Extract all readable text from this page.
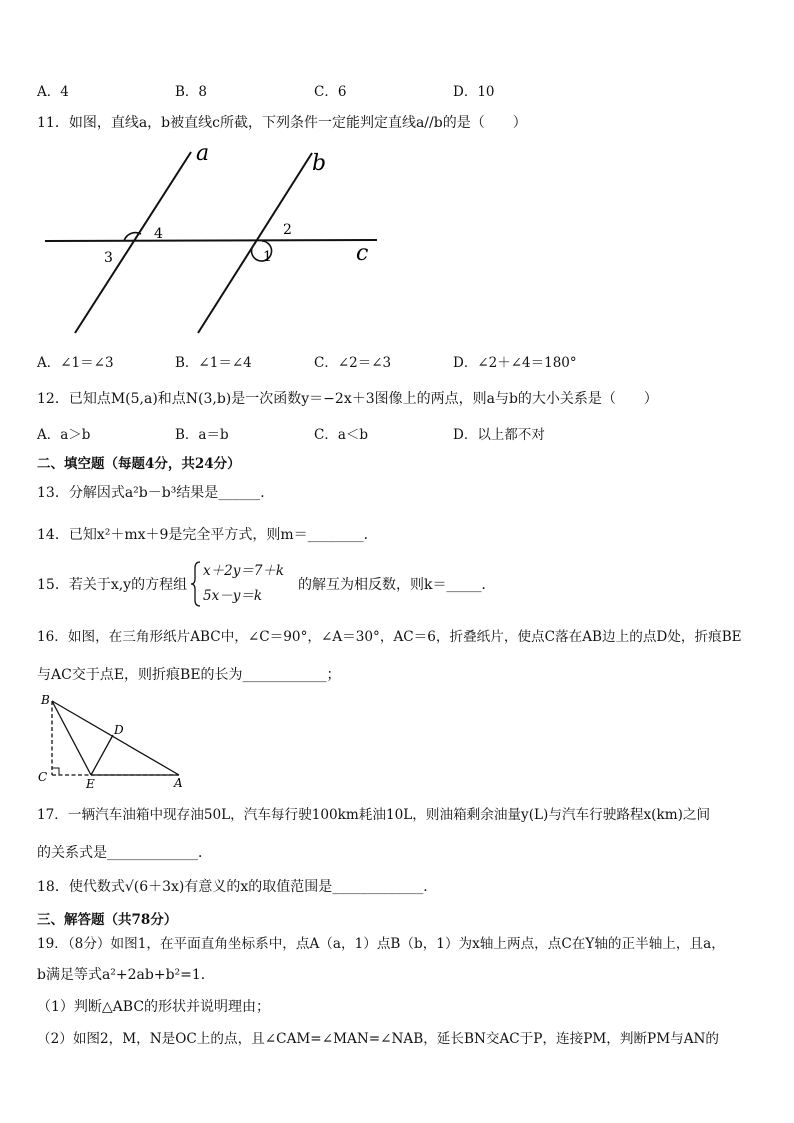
A．4	B．8	C．6	D．10
11．如图，直线a，b被直线c所截，下列条件一定能判定直线a//b的是（　　）
a	b
c
4
3
2
1
A．∠1＝∠3	B．∠1＝∠4	C．∠2＝∠3	D．∠2＋∠4＝180°
12．已知点M(5,a)和点N(3,b)是一次函数y＝−2x＋3图像上的两点，则a与b的大小关系是（　　）
A．a＞b	B．a＝b	C．a＜b	D．以上都不对
二、填空题（每题4分，共24分）
13．分解因式a²b－b³结果是______．
14．已知x²＋mx＋9是完全平方式，则m＝________．
15．若关于x,y的方程组
x＋2y＝7＋k
5x－y＝k
的解互为相反数，则k＝_____．
16．如图，在三角形纸片ABC中，∠C＝90°，∠A＝30°，AC＝6，折叠纸片，使点C落在AB边上的点D处，折痕BE
与AC交于点E，则折痕BE的长为____________；
B
D
C	E	A
17．一辆汽车油箱中现存油50L，汽车每行驶100km耗油10L，则油箱剩余油量y(L)与汽车行驶路程x(km)之间
的关系式是_____________．
18．使代数式√(6＋3x)有意义的x的取值范围是_____________．
三、解答题（共78分）
19．（8分）如图1，在平面直角坐标系中，点A（a，1）点B（b，1）为x轴上两点，点C在Y轴的正半轴上，且a，
b满足等式a²+2ab+b²=1．
（1）判断△ABC的形状并说明理由；
（2）如图2，M，N是OC上的点，且∠CAM=∠MAN=∠NAB，延长BN交AC于P，连接PM，判断PM与AN的
